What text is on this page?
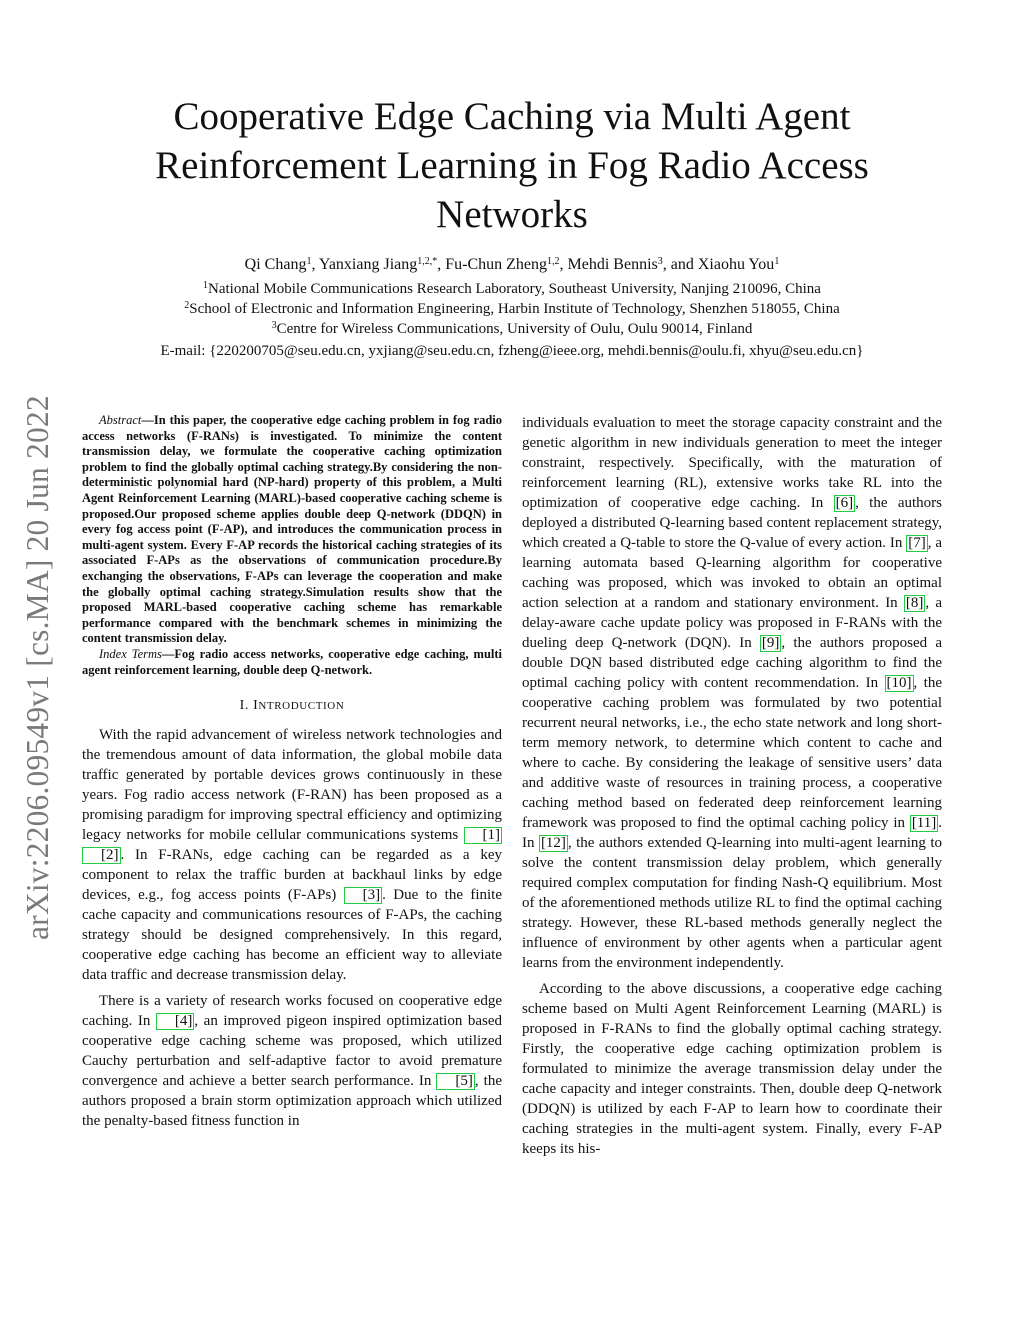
arXiv:2206.09549v1 [cs.MA] 20 Jun 2022
Cooperative Edge Caching via Multi Agent Reinforcement Learning in Fog Radio Access Networks
Qi Chang$^1$, Yanxiang Jiang$^{1,2,*}$, Fu-Chun Zheng$^{1,2}$, Mehdi Bennis$^3$, and Xiaohu You$^1$
$^1$National Mobile Communications Research Laboratory, Southeast University, Nanjing 210096, China
$^2$School of Electronic and Information Engineering, Harbin Institute of Technology, Shenzhen 518055, China
$^3$Centre for Wireless Communications, University of Oulu, Oulu 90014, Finland
E-mail: {220200705@seu.edu.cn, yxjiang@seu.edu.cn, fzheng@ieee.org, mehdi.bennis@oulu.fi, xhyu@seu.edu.cn}

Abstract—In this paper, the cooperative edge caching problem in fog radio access networks (F-RANs) is investigated. To minimize the content transmission delay, we formulate the cooperative caching optimization problem to find the globally optimal caching strategy.By considering the non-deterministic polynomial hard (NP-hard) property of this problem, a Multi Agent Reinforcement Learning (MARL)-based cooperative caching scheme is proposed.Our proposed scheme applies double deep Q-network (DDQN) in every fog access point (F-AP), and introduces the communication process in multi-agent system. Every F-AP records the historical caching strategies of its associated F-APs as the observations of communication procedure.By exchanging the observations, F-APs can leverage the cooperation and make the globally optimal caching strategy.Simulation results show that the proposed MARL-based cooperative caching scheme has remarkable performance compared with the benchmark schemes in minimizing the content transmission delay.

Index Terms—Fog radio access networks, cooperative edge caching, multi agent reinforcement learning, double deep Q-network.

I. INTRODUCTION

With the rapid advancement of wireless network technologies and the tremendous amount of data information, the global mobile data traffic generated by portable devices grows continuously in these years. Fog radio access network (F-RAN) has been proposed as a promising paradigm for improving spectral efficiency and optimizing legacy networks for mobile cellular communications systems [1] [2] . In F-RANs, edge caching can be regarded as a key component to relax the traffic burden at backhaul links by edge devices, e.g., fog access points (F-APs) [3] . Due to the finite cache capacity and communications resources of F-APs, the caching strategy should be designed comprehensively. In this regard, cooperative edge caching has become an efficient way to alleviate data traffic and decrease transmission delay.

There is a variety of research works focused on cooperative edge caching. In [4] , an improved pigeon inspired optimization based cooperative edge caching scheme was proposed, which utilized Cauchy perturbation and self-adaptive factor to avoid premature convergence and achieve a better search performance. In [5] , the authors proposed a brain storm optimization approach which utilized the penalty-based fitness function in

individuals evaluation to meet the storage capacity constraint and the genetic algorithm in new individuals generation to meet the integer constraint, respectively. Specifically, with the maturation of reinforcement learning (RL), extensive works take RL into the optimization of cooperative edge caching. In [6] , the authors deployed a distributed Q-learning based content replacement strategy, which created a Q-table to store the Q-value of every action. In [7] , a learning automata based Q-learning algorithm for cooperative caching was proposed, which was invoked to obtain an optimal action selection at a random and stationary environment. In [8] , a delay-aware cache update policy was proposed in F-RANs with the dueling deep Q-network (DQN). In [9] , the authors proposed a double DQN based distributed edge caching algorithm to find the optimal caching policy with content recommendation. In [10] , the cooperative caching problem was formulated by two potential recurrent neural networks, i.e., the echo state network and long short-term memory network, to determine which content to cache and where to cache. By considering the leakage of sensitive users’ data and additive waste of resources in training process, a cooperative caching method based on federated deep reinforcement learning framework was proposed to find the optimal caching policy in [11] . In [12] , the authors extended Q-learning into multi-agent learning to solve the content transmission delay problem, which generally required complex computation for finding Nash-Q equilibrium. Most of the aforementioned methods utilize RL to find the optimal caching strategy. However, these RL-based methods generally neglect the influence of environment by other agents when a particular agent learns from the environment independently.

According to the above discussions, a cooperative edge caching scheme based on Multi Agent Reinforcement Learning (MARL) is proposed in F-RANs to find the globally optimal caching strategy. Firstly, the cooperative edge caching optimization problem is formulated to minimize the average transmission delay under the cache capacity and integer constraints. Then, double deep Q-network (DDQN) is utilized by each F-AP to learn how to coordinate their caching strategies in the multi-agent system. Finally, every F-AP keeps its his-
